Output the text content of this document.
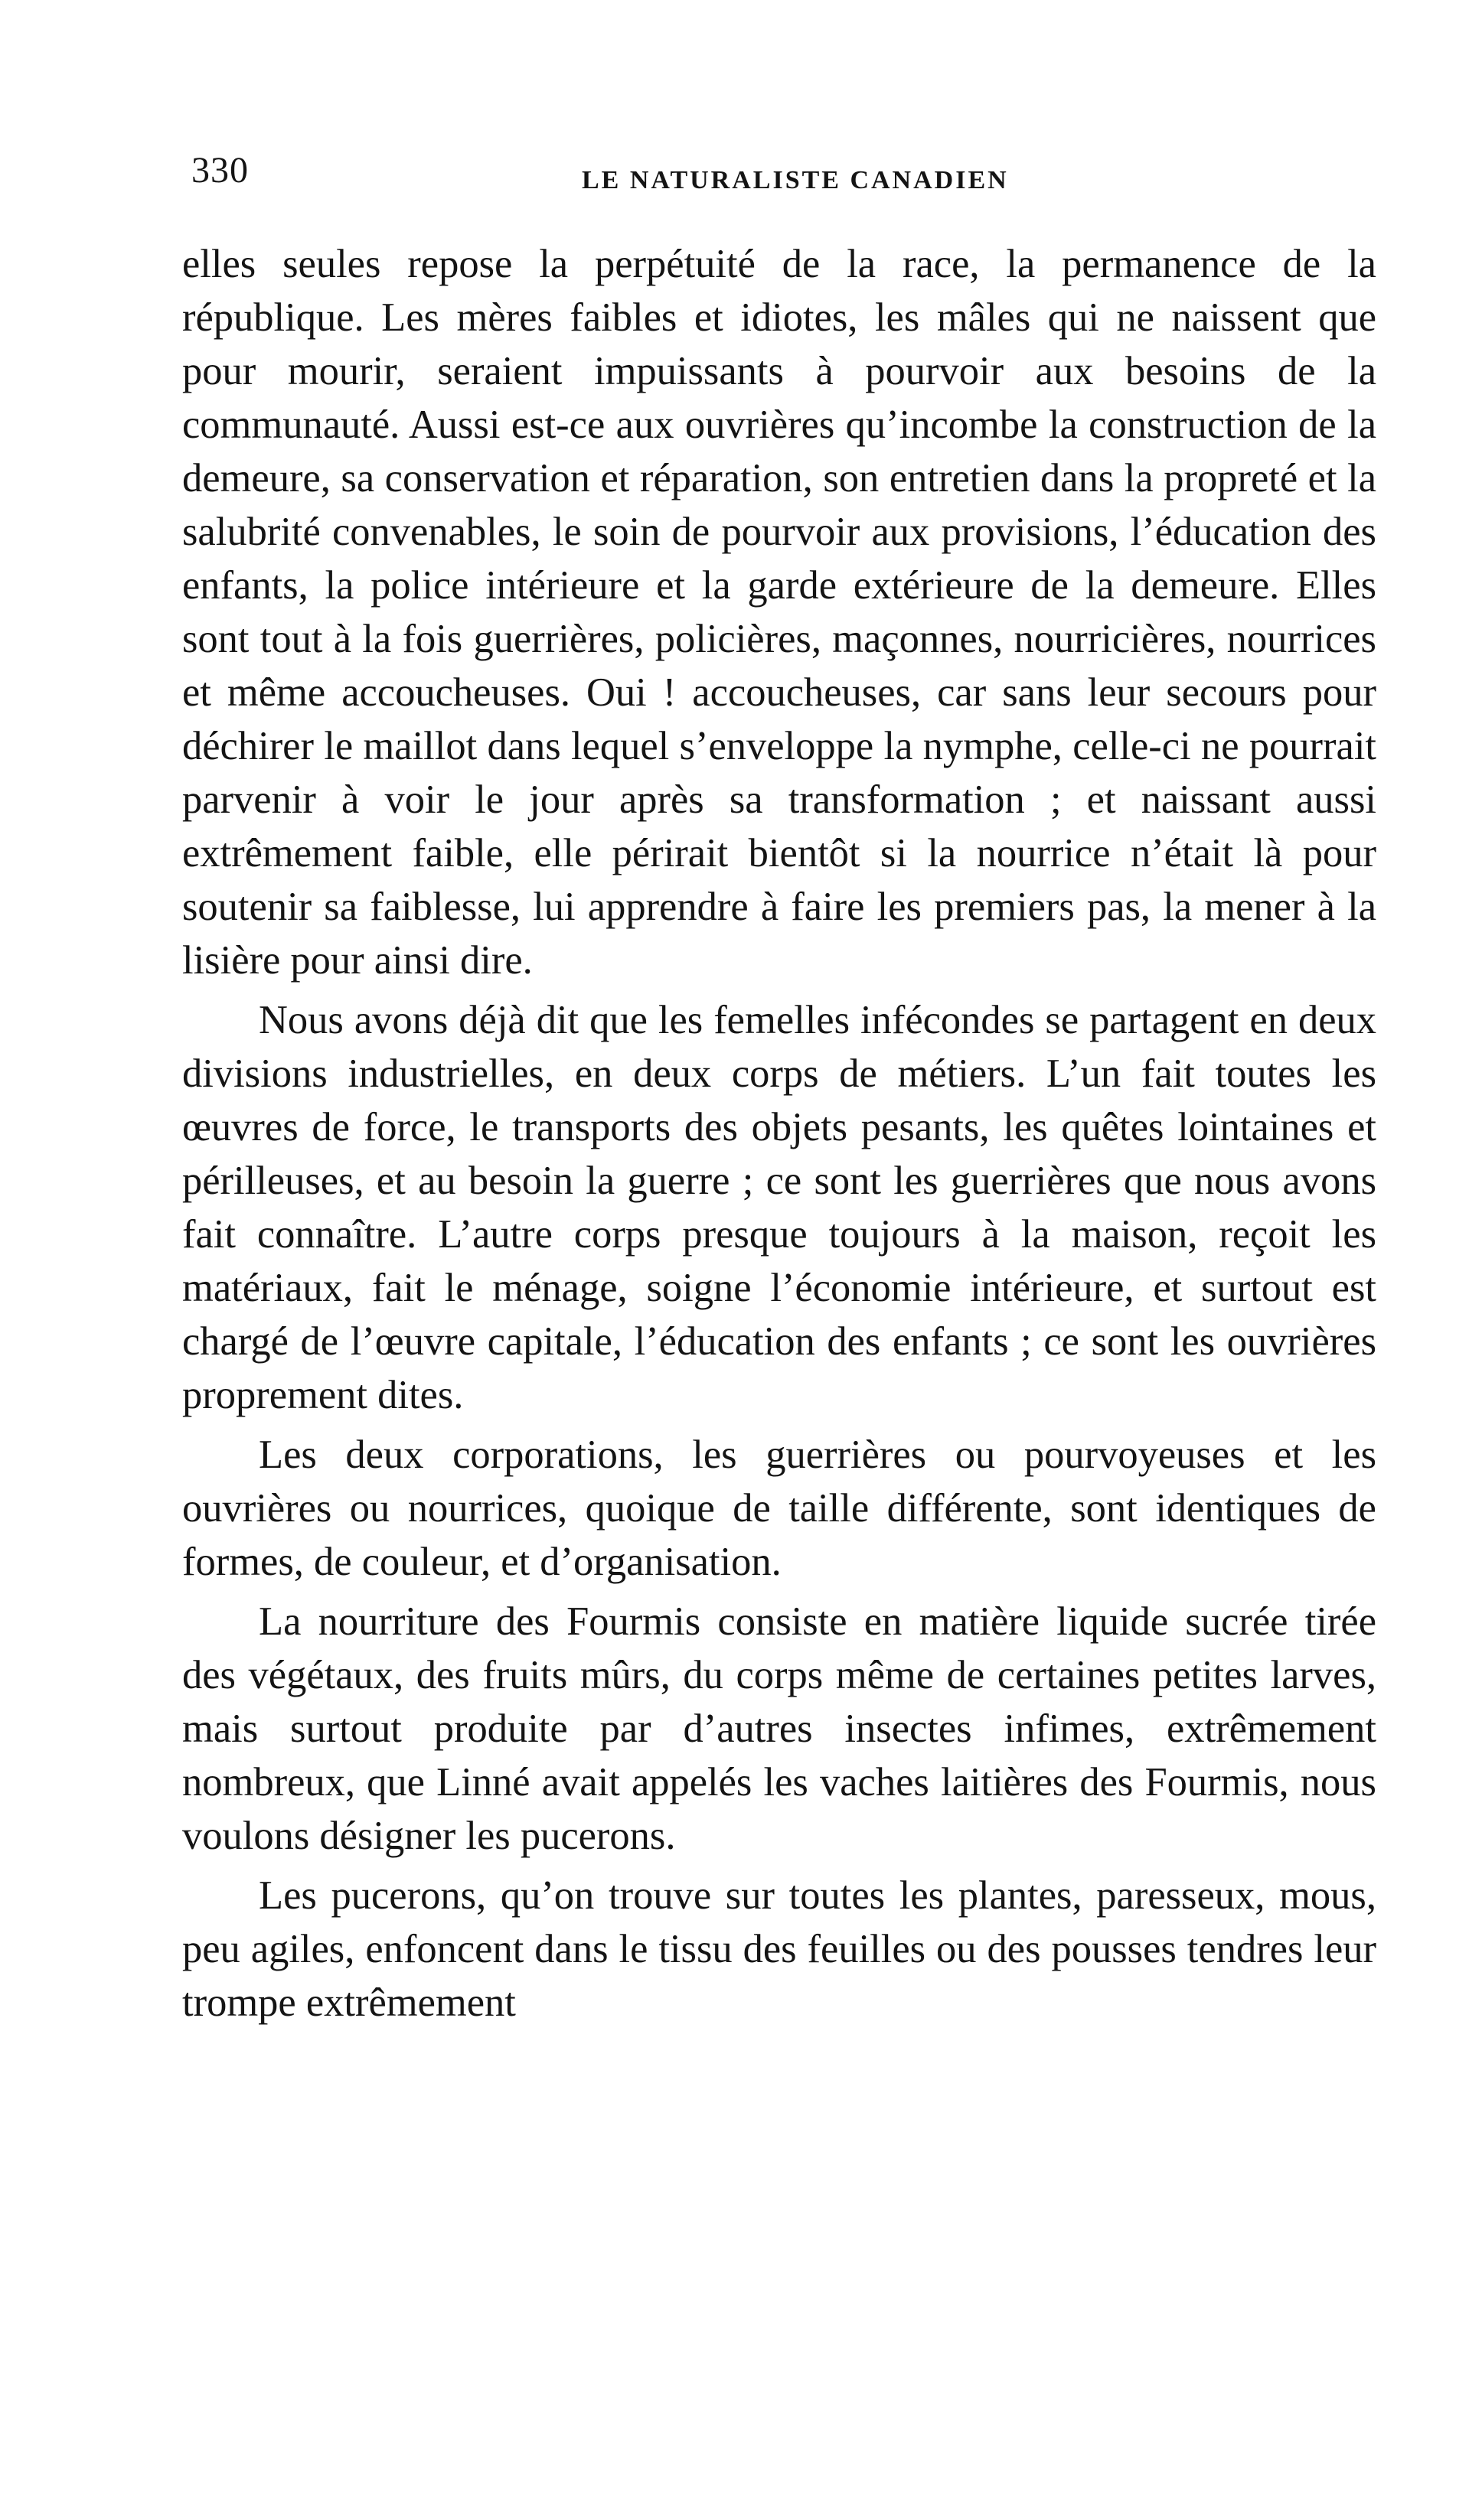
330	LE NATURALISTE CANADIEN

elles seules repose la perpétuité de la race, la permanence de la république. Les mères faibles et idiotes, les mâles qui ne naissent que pour mourir, seraient impuissants à pourvoir aux besoins de la communauté. Aussi est-ce aux ouvrières qu’incombe la construction de la demeure, sa conservation et réparation, son entretien dans la propreté et la salubrité convenables, le soin de pourvoir aux provisions, l’éducation des enfants, la police intérieure et la garde extérieure de la demeure. Elles sont tout à la fois guerrières, policières, maçonnes, nourricières, nourrices et même accoucheuses. Oui ! accoucheuses, car sans leur secours pour déchirer le maillot dans lequel s’enveloppe la nymphe, celle-ci ne pourrait parvenir à voir le jour après sa transformation ; et naissant aussi extrêmement faible, elle périrait bientôt si la nourrice n’était là pour soutenir sa faiblesse, lui apprendre à faire les premiers pas, la mener à la lisière pour ainsi dire.

Nous avons déjà dit que les femelles infécondes se partagent en deux divisions industrielles, en deux corps de métiers. L’un fait toutes les œuvres de force, le transports des objets pesants, les quêtes lointaines et périlleuses, et au besoin la guerre ; ce sont les guerrières que nous avons fait connaître. L’autre corps presque toujours à la maison, reçoit les matériaux, fait le ménage, soigne l’économie intérieure, et surtout est chargé de l’œuvre capitale, l’éducation des enfants ; ce sont les ouvrières proprement dites.

Les deux corporations, les guerrières ou pourvoyeuses et les ouvrières ou nourrices, quoique de taille différente, sont identiques de formes, de couleur, et d’organisation.

La nourriture des Fourmis consiste en matière liquide sucrée tirée des végétaux, des fruits mûrs, du corps même de certaines petites larves, mais surtout produite par d’autres insectes infimes, extrêmement nombreux, que Linné avait appelés les vaches laitières des Fourmis, nous voulons désigner les pucerons.

Les pucerons, qu’on trouve sur toutes les plantes, paresseux, mous, peu agiles, enfoncent dans le tissu des feuilles ou des pousses tendres leur trompe extrêmement
